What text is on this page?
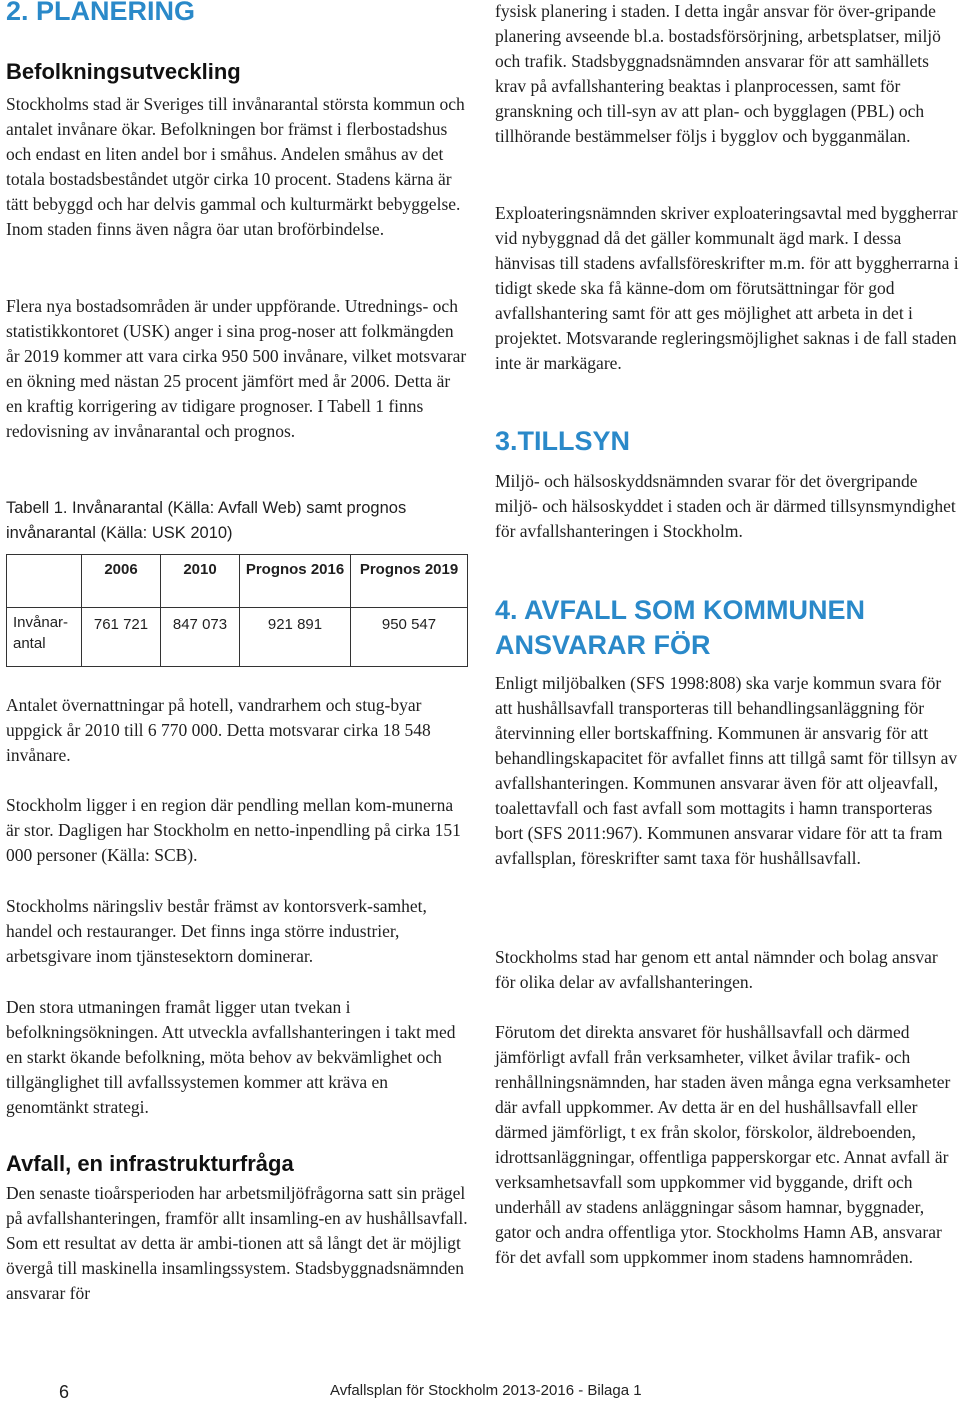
2. PLANERING
Befolkningsutveckling

Stockholms stad är Sveriges till invånarantal största kommun och antalet invånare ökar. Befolkningen bor främst i flerbostadshus och endast en liten andel bor i småhus. Andelen småhus av det totala bostadsbeståndet utgör cirka 10 procent. Stadens kärna är tätt bebyggd och har delvis gammal och kulturmärkt bebyggelse. Inom staden finns även några öar utan broförbindelse.

Flera nya bostadsområden är under uppförande. Utrednings- och statistikkontoret (USK) anger i sina prog-noser att folkmängden år 2019 kommer att vara cirka 950 500 invånare, vilket motsvarar en ökning med nästan 25 procent jämfört med år 2006. Detta är en kraftig korrigering av tidigare prognoser. I Tabell 1 finns redovisning av invånarantal och prognos.

Tabell 1. Invånarantal (Källa: Avfall Web) samt prognos invånarantal (Källa: USK 2010)

	2006	2010	Prognos 2016	Prognos 2019
Invånar-antal	761 721	847 073	921 891	950 547

Antalet övernattningar på hotell, vandrarhem och stug-byar uppgick år 2010 till 6 770 000. Detta motsvarar cirka 18 548 invånare.

Stockholm ligger i en region där pendling mellan kom-munerna är stor. Dagligen har Stockholm en netto-inpendling på cirka 151 000 personer (Källa: SCB).

Stockholms näringsliv består främst av kontorsverk-samhet, handel och restauranger. Det finns inga större industrier, arbetsgivare inom tjänstesektorn dominerar.

Den stora utmaningen framåt ligger utan tvekan i befolkningsökningen. Att utveckla avfallshanteringen i takt med en starkt ökande befolkning, möta behov av bekvämlighet och tillgänglighet till avfallssystemen kommer att kräva en genomtänkt strategi.

Avfall, en infrastrukturfråga

Den senaste tioårsperioden har arbetsmiljöfrågorna satt sin prägel på avfallshanteringen, framför allt insamling-en av hushållsavfall. Som ett resultat av detta är ambi-tionen att så långt det är möjligt övergå till maskinella insamlingssystem. Stadsbyggnadsnämnden ansvarar för

fysisk planering i staden. I detta ingår ansvar för över-gripande planering avseende bl.a. bostadsförsörjning, arbetsplatser, miljö och trafik. Stadsbyggnadsnämnden ansvarar för att samhällets krav på avfallshantering beaktas i planprocessen, samt för granskning och till-syn av att plan- och bygglagen (PBL) och tillhörande bestämmelser följs i bygglov och bygganmälan.

Exploateringsnämnden skriver exploateringsavtal med byggherrar vid nybyggnad då det gäller kommunalt ägd mark. I dessa hänvisas till stadens avfallsföreskrifter m.m. för att byggherrarna i tidigt skede ska få känne-dom om förutsättningar för god avfallshantering samt för att ges möjlighet att arbeta in det i projektet. Motsvarande regleringsmöjlighet saknas i de fall staden inte är markägare.

3.TILLSYN

Miljö- och hälsoskyddsnämnden svarar för det övergripande miljö- och hälsoskyddet i staden och är därmed tillsynsmyndighet för avfallshanteringen i Stockholm.

4. AVFALL SOM KOMMUNEN ANSVARAR FÖR

Enligt miljöbalken (SFS 1998:808) ska varje kommun svara för att hushållsavfall transporteras till behandlingsanläggning för återvinning eller bortskaffning. Kommunen är ansvarig för att behandlingskapacitet för avfallet finns att tillgå samt för tillsyn av avfallshanteringen. Kommunen ansvarar även för att oljeavfall, toalettavfall och fast avfall som mottagits i hamn transporteras bort (SFS 2011:967). Kommunen ansvarar vidare för att ta fram avfallsplan, föreskrifter samt taxa för hushållsavfall.

Stockholms stad har genom ett antal nämnder och bolag ansvar för olika delar av avfallshanteringen.

Förutom det direkta ansvaret för hushållsavfall och därmed jämförligt avfall från verksamheter, vilket åvilar trafik- och renhållningsnämnden, har staden även många egna verksamheter där avfall uppkommer. Av detta är en del hushållsavfall eller därmed jämförligt, t ex från skolor, förskolor, äldreboenden, idrottsanläggningar, offentliga papperskorgar etc. Annat avfall är verksamhetsavfall som uppkommer vid byggande, drift och underhåll av stadens anläggningar såsom hamnar, byggnader, gator och andra offentliga ytor. Stockholms Hamn AB, ansvarar för det avfall som uppkommer inom stadens hamnområden.

6	Avfallsplan för Stockholm 2013-2016 - Bilaga 1
